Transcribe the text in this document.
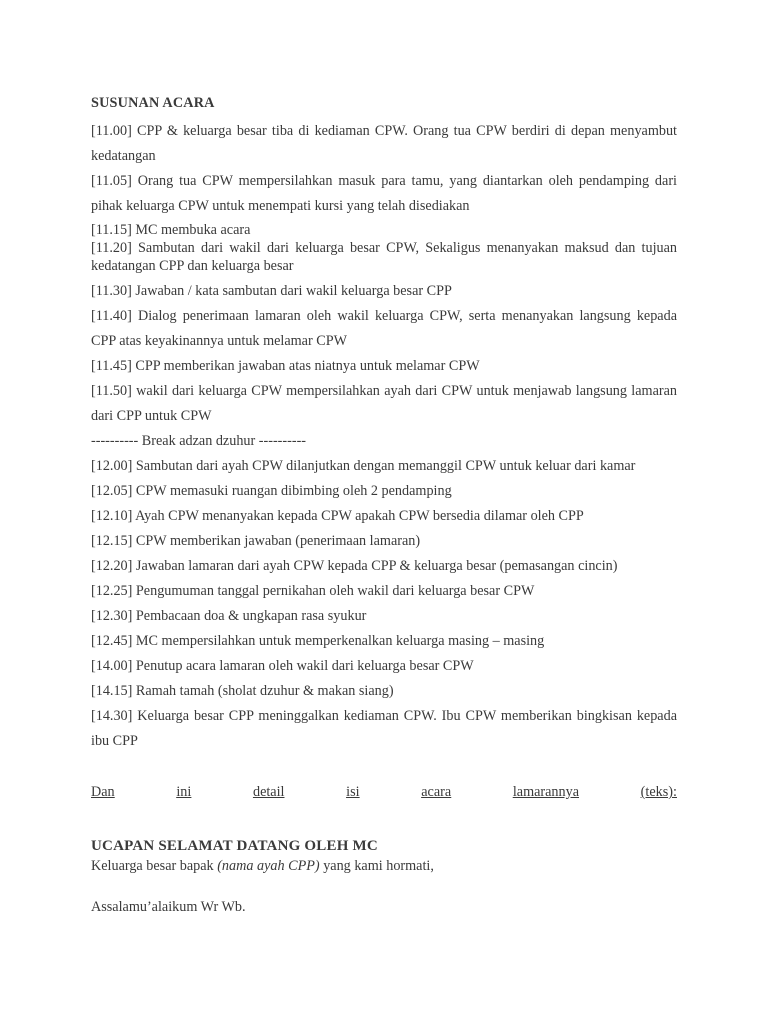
SUSUNAN ACARA

[11.00] CPP & keluarga besar tiba di kediaman CPW. Orang tua CPW berdiri di depan menyambut kedatangan

[11.05] Orang tua CPW mempersilahkan masuk para tamu, yang diantarkan oleh pendamping dari pihak keluarga CPW untuk menempati kursi yang telah disediakan

[11.15] MC membuka acara

[11.20] Sambutan dari wakil dari keluarga besar CPW, Sekaligus menanyakan maksud dan tujuan kedatangan CPP dan keluarga besar

[11.30] Jawaban / kata sambutan dari wakil keluarga besar CPP

[11.40] Dialog penerimaan lamaran oleh wakil keluarga CPW, serta menanyakan langsung kepada CPP atas keyakinannya untuk melamar CPW

[11.45] CPP memberikan jawaban atas niatnya untuk melamar CPW

[11.50] wakil dari keluarga CPW mempersilahkan ayah dari CPW untuk menjawab langsung lamaran dari CPP untuk CPW

---------- Break adzan dzuhur ----------

[12.00] Sambutan dari ayah CPW dilanjutkan dengan memanggil CPW untuk keluar dari kamar

[12.05] CPW memasuki ruangan dibimbing oleh 2 pendamping

[12.10] Ayah CPW menanyakan kepada CPW apakah CPW bersedia dilamar oleh CPP

[12.15] CPW memberikan jawaban (penerimaan lamaran)

[12.20] Jawaban lamaran dari ayah CPW kepada CPP & keluarga besar (pemasangan cincin)

[12.25] Pengumuman tanggal pernikahan oleh wakil dari keluarga besar CPW

[12.30] Pembacaan doa & ungkapan rasa syukur

[12.45] MC mempersilahkan untuk memperkenalkan keluarga masing – masing

[14.00] Penutup acara lamaran oleh wakil dari keluarga besar CPW

[14.15] Ramah tamah (sholat dzuhur & makan siang)

[14.30] Keluarga besar CPP meninggalkan kediaman CPW. Ibu CPW memberikan bingkisan kepada ibu CPP

Dan	ini	detail	isi	acara	lamarannya	(teks):
UCAPAN SELAMAT DATANG OLEH MC

Keluarga besar bapak (nama ayah CPP) yang kami hormati,

Assalamu’alaikum Wr Wb.
